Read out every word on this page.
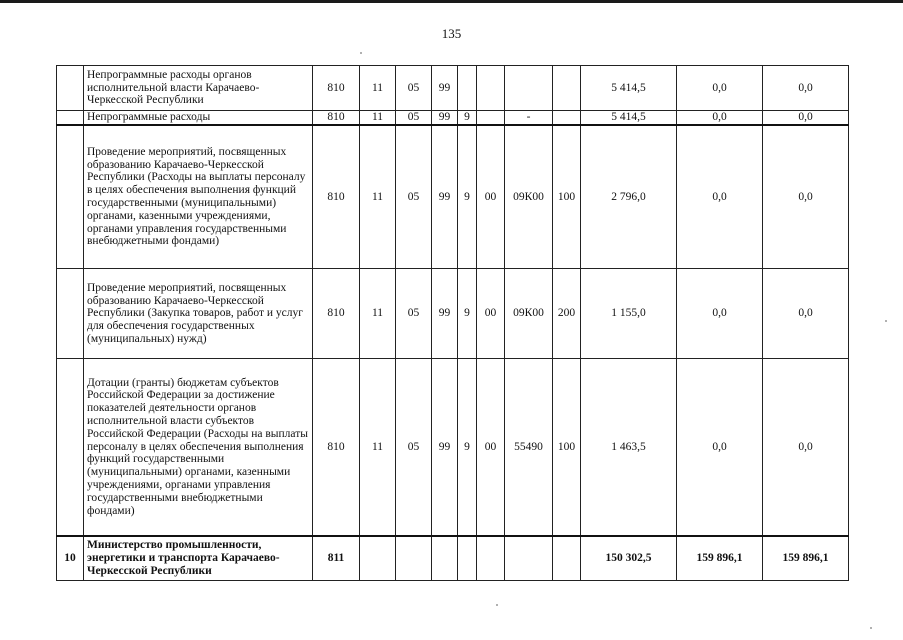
135
	Непрограммные расходы органов исполнительной власти Карачаево-Черкесской Республики	810	11	05	99					5 414,5	0,0	0,0
	Непрограммные расходы	810	11	05	99	9		-		5 414,5	0,0	0,0
	Проведение мероприятий, посвященных образованию Карачаево-Черкесской Республики (Расходы на выплаты персоналу в целях обеспечения выполнения функций государственными (муниципальными) органами, казенными учреждениями, органами управления государственными внебюджетными фондами)	810	11	05	99	9	00	09К00	100	2 796,0	0,0	0,0
	Проведение мероприятий, посвященных образованию Карачаево-Черкесской Республики (Закупка товаров, работ и услуг для обеспечения государственных (муниципальных) нужд)	810	11	05	99	9	00	09К00	200	1 155,0	0,0	0,0
	Дотации (гранты) бюджетам субъектов Российской Федерации за достижение показателей деятельности органов исполнительной власти субъектов Российской Федерации (Расходы на выплаты персоналу в целях обеспечения выполнения функций государственными (муниципальными) органами, казенными учреждениями, органами управления государственными внебюджетными фондами)	810	11	05	99	9	00	55490	100	1 463,5	0,0	0,0
10	Министерство промышленности, энергетики и транспорта Карачаево-Черкесской Республики	811								150 302,5	159 896,1	159 896,1
